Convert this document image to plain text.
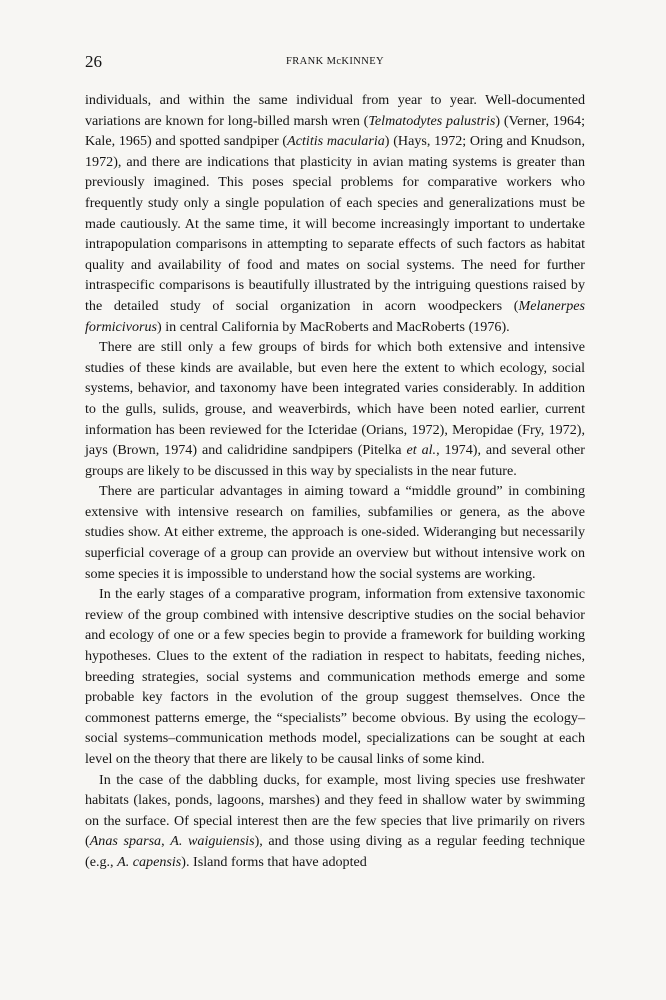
26	FRANK McKINNEY

individuals, and within the same individual from year to year. Well-documented variations are known for long-billed marsh wren (Telmatodytes palustris) (Verner, 1964; Kale, 1965) and spotted sandpiper (Actitis macularia) (Hays, 1972; Oring and Knudson, 1972), and there are indications that plasticity in avian mating systems is greater than previously imagined. This poses special problems for comparative workers who frequently study only a single population of each species and generalizations must be made cautiously. At the same time, it will become increasingly important to undertake intrapopulation comparisons in attempting to separate effects of such factors as habitat quality and availability of food and mates on social systems. The need for further intraspecific comparisons is beautifully illustrated by the intriguing questions raised by the detailed study of social organization in acorn woodpeckers (Melanerpes formicivorus) in central California by MacRoberts and MacRoberts (1976).

There are still only a few groups of birds for which both extensive and intensive studies of these kinds are available, but even here the extent to which ecology, social systems, behavior, and taxonomy have been integrated varies considerably. In addition to the gulls, sulids, grouse, and weaverbirds, which have been noted earlier, current information has been reviewed for the Icteridae (Orians, 1972), Meropidae (Fry, 1972), jays (Brown, 1974) and calidridine sandpipers (Pitelka et al., 1974), and several other groups are likely to be discussed in this way by specialists in the near future.

There are particular advantages in aiming toward a “middle ground” in combining extensive with intensive research on families, subfamilies or genera, as the above studies show. At either extreme, the approach is one-sided. Wideranging but necessarily superficial coverage of a group can provide an overview but without intensive work on some species it is impossible to understand how the social systems are working.

In the early stages of a comparative program, information from extensive taxonomic review of the group combined with intensive descriptive studies on the social behavior and ecology of one or a few species begin to provide a framework for building working hypotheses. Clues to the extent of the radiation in respect to habitats, feeding niches, breeding strategies, social systems and communication methods emerge and some probable key factors in the evolution of the group suggest themselves. Once the commonest patterns emerge, the “specialists” become obvious. By using the ecology–social systems–communication methods model, specializations can be sought at each level on the theory that there are likely to be causal links of some kind.

In the case of the dabbling ducks, for example, most living species use freshwater habitats (lakes, ponds, lagoons, marshes) and they feed in shallow water by swimming on the surface. Of special interest then are the few species that live primarily on rivers (Anas sparsa, A. waiguiensis), and those using diving as a regular feeding technique (e.g., A. capensis). Island forms that have adopted
